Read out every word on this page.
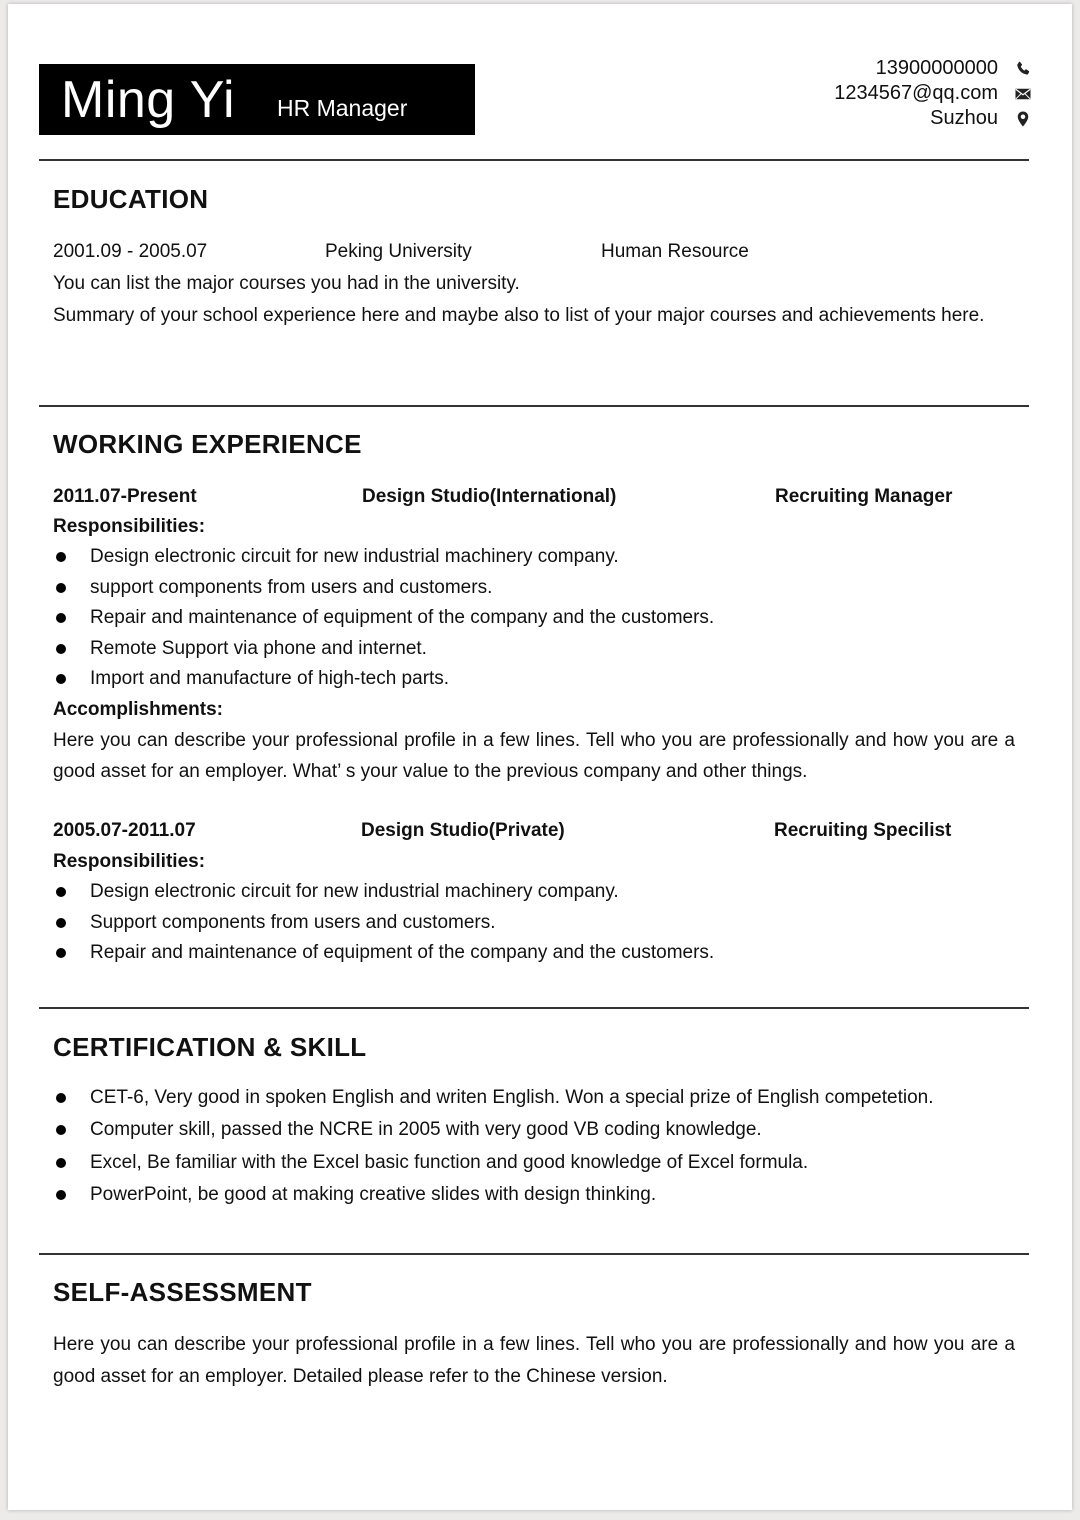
Ming Yi HR Manager
13900000000
1234567@qq.com
Suzhou
EDUCATION
2001.09 - 2005.07	Peking University	Human Resource
You can list the major courses you had in the university.
Summary of your school experience here and maybe also to list of your major courses and achievements here.
WORKING EXPERIENCE
2011.07-Present	Design Studio(International)	Recruiting Manager
Responsibilities:
Design electronic circuit for new industrial machinery company.
support components from users and customers.
Repair and maintenance of equipment of the company and the customers.
Remote Support via phone and internet.
Import and manufacture of high-tech parts.
Accomplishments:
Here you can describe your professional profile in a few lines. Tell who you are professionally and how you are a good asset for an employer. What’ s your value to the previous company and other things.
2005.07-2011.07	Design Studio(Private)	Recruiting Specilist
Responsibilities:
Design electronic circuit for new industrial machinery company.
Support components from users and customers.
Repair and maintenance of equipment of the company and the customers.
CERTIFICATION & SKILL
CET-6, Very good in spoken English and writen English. Won a special prize of English competetion.
Computer skill, passed the NCRE in 2005 with very good VB coding knowledge.
Excel, Be familiar with the Excel basic function and good knowledge of Excel formula.
PowerPoint, be good at making creative slides with design thinking.
SELF-ASSESSMENT
Here you can describe your professional profile in a few lines. Tell who you are professionally and how you are a good asset for an employer. Detailed please refer to the Chinese version.
